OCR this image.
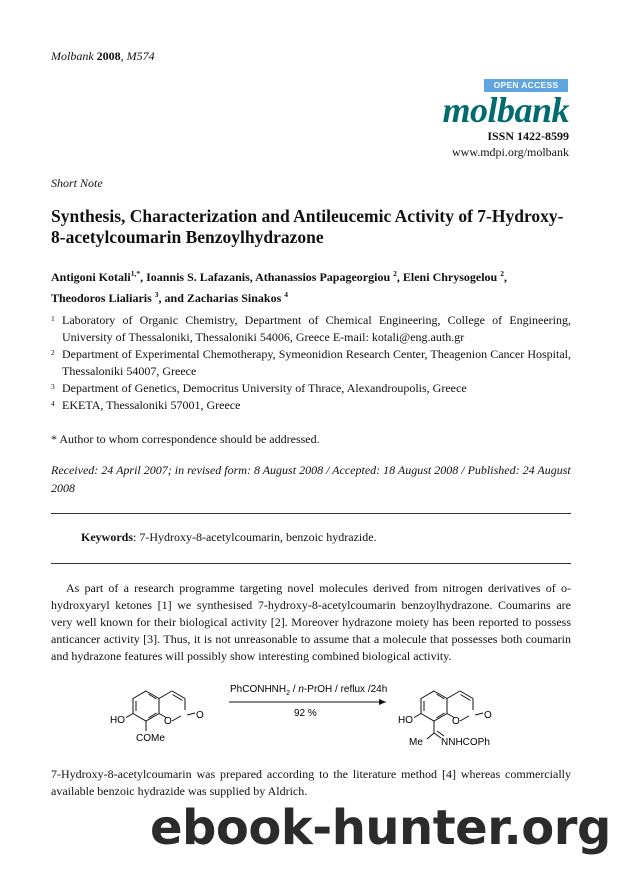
Molbank 2008, M574
OPEN ACCESS
molbank
ISSN 1422-8599
www.mdpi.org/molbank
Short Note
Synthesis, Characterization and Antileucemic Activity of 7-Hydroxy-8-acetylcoumarin Benzoylhydrazone
Antigoni Kotali$^{1,*}$, Ioannis S. Lafazanis, Athanassios Papageorgiou $^2$, Eleni Chrysogelou $^2$,
Theodoros Lialiaris $^3$, and Zacharias Sinakos $^4$
1 Laboratory of Organic Chemistry, Department of Chemical Engineering, College of Engineering, University of Thessaloniki, Thessaloniki 54006, Greece E-mail: kotali@eng.auth.gr
2 Department of Experimental Chemotherapy, Symeonidion Research Center, Theagenion Cancer Hospital, Thessaloniki 54007, Greece
3 Department of Genetics, Democritus University of Thrace, Alexandroupolis, Greece
4 EKETA, Thessaloniki 57001, Greece
* Author to whom correspondence should be addressed.
Received: 24 April 2007; in revised form: 8 August 2008 / Accepted: 18 August 2008 / Published: 24 August 2008
Keywords: 7-Hydroxy-8-acetylcoumarin, benzoic hydrazide.

As part of a research programme targeting novel molecules derived from nitrogen derivatives of o-hydroxyaryl ketones [1] we synthesised 7-hydroxy-8-acetylcoumarin benzoylhydrazone. Coumarins are very well known for their biological activity [2]. Moreover hydrazone moiety has been reported to possess anticancer activity [3]. Thus, it is not unreasonable to assume that a molecule that possesses both coumarin and hydrazone features will possibly show interesting combined biological activity.

HO	O
O
COMe
PhCONHNH$_2$ / n-PrOH / reflux /24h
92 %
HO	O
O
Me NNHCOPh

7-Hydroxy-8-acetylcoumarin was prepared according to the literature method [4] whereas commercially available benzoic hydrazide was supplied by Aldrich.

ebook-hunter.org
